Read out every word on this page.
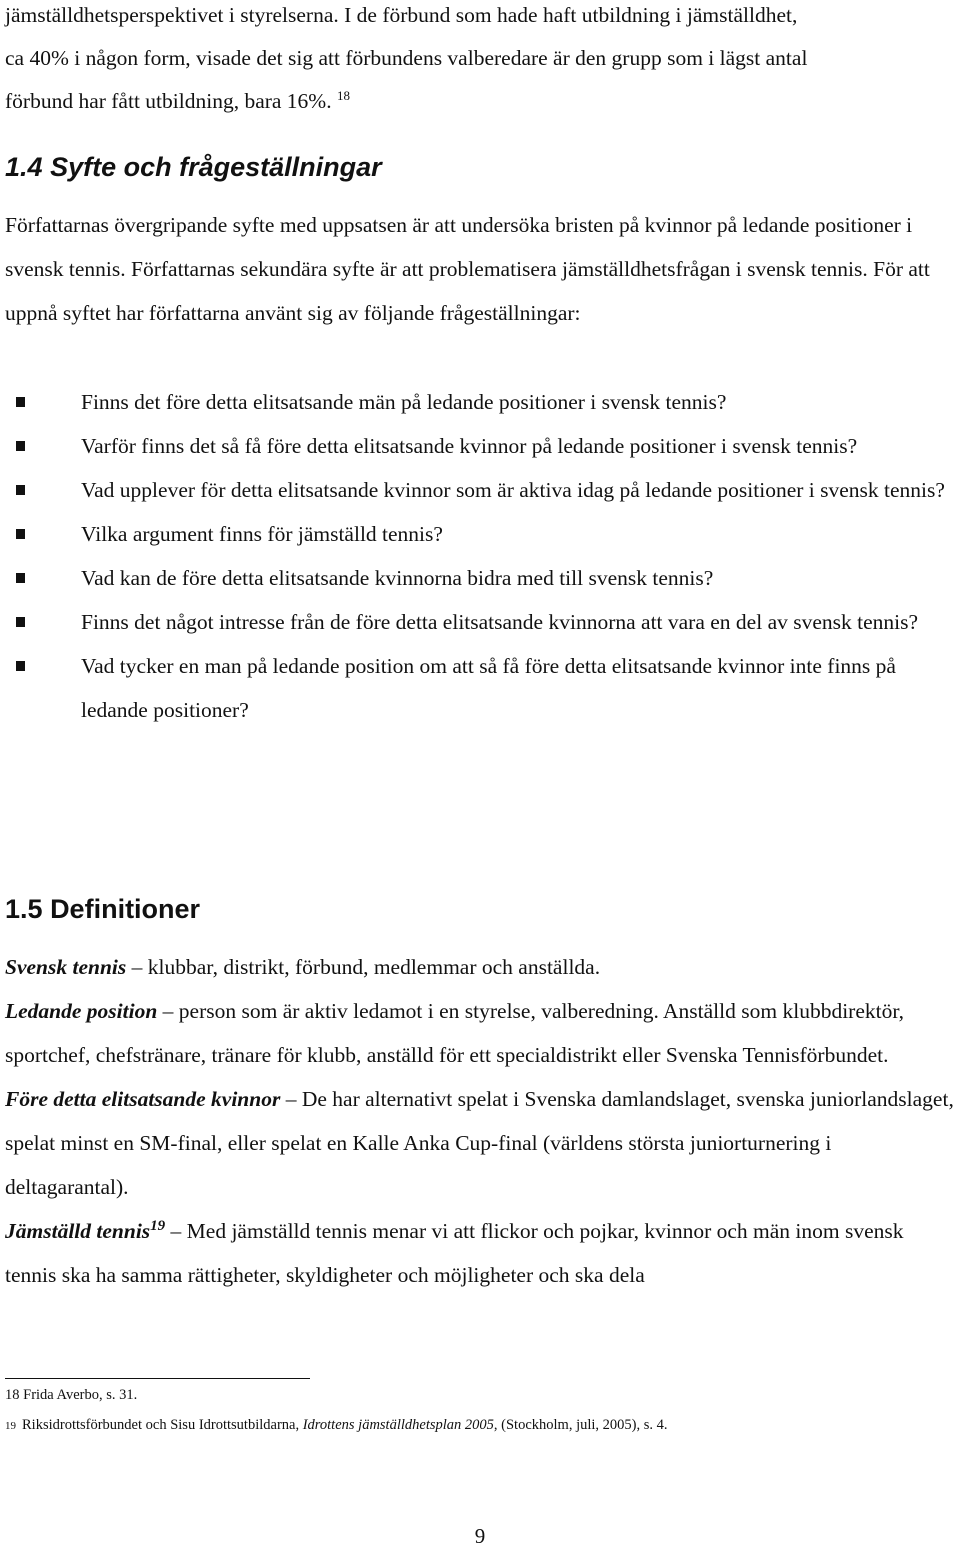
jämställdhetsperspektivet i styrelserna. I de förbund som hade haft utbildning i jämställdhet,
ca 40% i någon form, visade det sig att förbundens valberedare är den grupp som i lägst antal
förbund har fått utbildning, bara 16%. $^{18}$
1.4 Syfte och frågeställningar
Författarnas övergripande syfte med uppsatsen är att undersöka bristen på kvinnor på ledande positioner i svensk tennis. Författarnas sekundära syfte är att problematisera jämställdhetsfrågan i svensk tennis. För att uppnå syftet har författarna använt sig av följande frågeställningar:
Finns det före detta elitsatsande män på ledande positioner i svensk tennis?
Varför finns det så få före detta elitsatsande kvinnor på ledande positioner i svensk tennis?
Vad upplever för detta elitsatsande kvinnor som är aktiva idag på ledande positioner i svensk tennis?
Vilka argument finns för jämställd tennis?
Vad kan de före detta elitsatsande kvinnorna bidra med till svensk tennis?
Finns det något intresse från de före detta elitsatsande kvinnorna att vara en del av svensk tennis?
Vad tycker en man på ledande position om att så få före detta elitsatsande kvinnor inte finns på ledande positioner?
1.5 Definitioner

Svensk tennis – klubbar, distrikt, förbund, medlemmar och anställda.

Ledande position – person som är aktiv ledamot i en styrelse, valberedning. Anställd som klubbdirektör, sportchef, chefstränare, tränare för klubb, anställd för ett specialdistrikt eller Svenska Tennisförbundet.

Före detta elitsatsande kvinnor – De har alternativt spelat i Svenska damlandslaget, svenska juniorlandslaget, spelat minst en SM-final, eller spelat en Kalle Anka Cup-final (världens största juniorturnering i deltagarantal).

Jämställd tennis$^{19}$ – Med jämställd tennis menar vi att flickor och pojkar, kvinnor och män inom svensk tennis ska ha samma rättigheter, skyldigheter och möjligheter och ska dela

18 Frida Averbo, s. 31.

19 Riksidrottsförbundet och Sisu Idrottsutbildarna, Idrottens jämställdhetsplan 2005, (Stockholm, juli, 2005), s. 4.

9
